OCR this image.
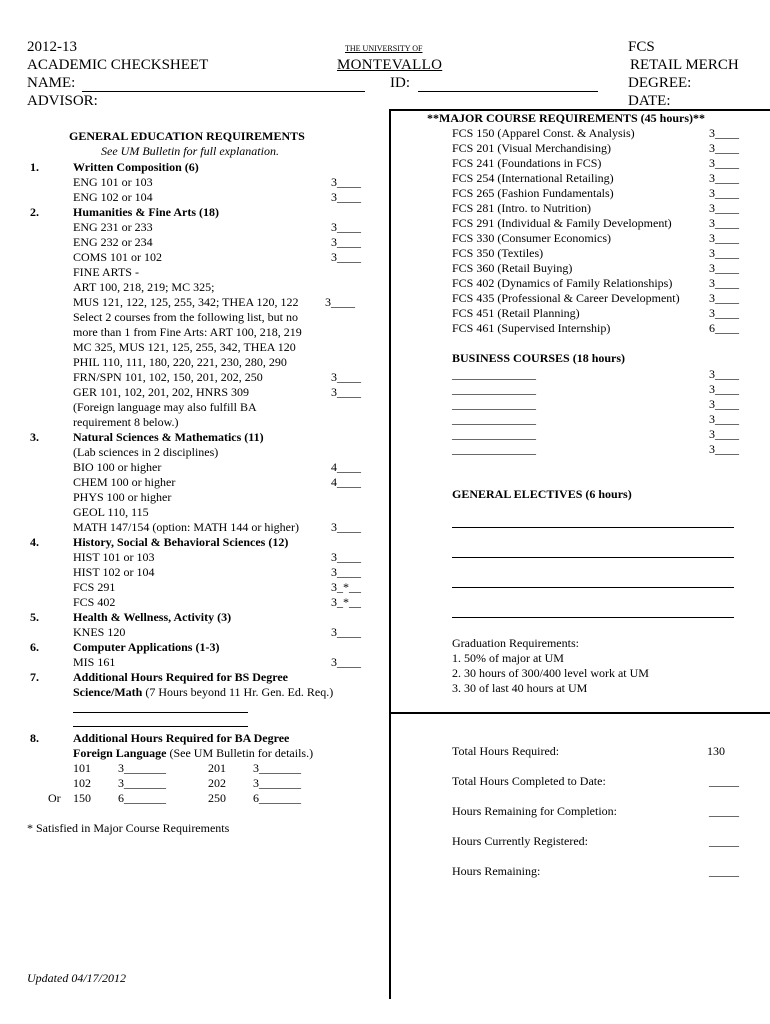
2012-13
ACADEMIC CHECKSHEET
NAME:
ADVISOR:
THE UNIVERSITY OF
MONTEVALLO
ID:
FCS
RETAIL MERCH
DEGREE:
DATE:
GENERAL EDUCATION REQUIREMENTS
See UM Bulletin for full explanation.
1.	Written Composition (6)
ENG 101 or 103	3____
ENG 102 or 104	3____
2.	Humanities & Fine Arts (18)
ENG 231 or 233	3____
ENG 232 or 234	3____
COMS 101 or 102	3____
FINE ARTS -
ART 100, 218, 219; MC 325;
MUS 121, 122, 125, 255, 342; THEA 120, 122 3____
Select 2 courses from the following list, but no
more than 1 from Fine Arts: ART 100, 218, 219
MC 325, MUS 121, 125, 255, 342, THEA 120
PHIL 110, 111, 180, 220, 221, 230, 280, 290
FRN/SPN 101, 102, 150, 201, 202, 250	3____
GER 101, 102, 201, 202, HNRS 309	3____
(Foreign language may also fulfill BA
requirement 8 below.)
3.	Natural Sciences & Mathematics (11)
(Lab sciences in 2 disciplines)
BIO 100 or higher	4____
CHEM 100 or higher	4____
PHYS 100 or higher
GEOL 110, 115
MATH 147/154 (option: MATH 144 or higher)	3____
4.	History, Social & Behavioral Sciences (12)
HIST 101 or 103	3____
HIST 102 or 104	3____
FCS 291	3_*__
FCS 402	3_*__
5.	Health & Wellness, Activity (3)
KNES 120	3____
6.	Computer Applications (1-3)
MIS 161	3____
7.	Additional Hours Required for BS Degree
Science/Math (7 Hours beyond 11 Hr. Gen. Ed. Req.)
8.	Additional Hours Required for BA Degree
Foreign Language (See UM Bulletin for details.)
101 3_______	201 3_______
102 3_______	202 3_______
Or 150 6_______	250 6_______
* Satisfied in Major Course Requirements
Updated 04/17/2012
**MAJOR COURSE REQUIREMENTS (45 hours)**
FCS 150 (Apparel Const. & Analysis)	3____
FCS 201 (Visual Merchandising)	3____
FCS 241 (Foundations in FCS)	3____
FCS 254 (International Retailing)	3____
FCS 265 (Fashion Fundamentals)	3____
FCS 281 (Intro. to Nutrition)	3____
FCS 291 (Individual & Family Development)	3____
FCS 330 (Consumer Economics)	3____
FCS 350 (Textiles)	3____
FCS 360 (Retail Buying)	3____
FCS 402 (Dynamics of Family Relationships)	3____
FCS 435 (Professional & Career Development) 3____
FCS 451 (Retail Planning)	3____
FCS 461 (Supervised Internship)	6____
BUSINESS COURSES (18 hours)
______________	3____
______________	3____
______________	3____
______________	3____
______________	3____
______________	3____
GENERAL ELECTIVES (6 hours)
Graduation Requirements:
1. 50% of major at UM
2. 30 hours of 300/400 level work at UM
3. 30 of last 40 hours at UM
Total Hours Required:	130
Total Hours Completed to Date:	_____
Hours Remaining for Completion:	_____
Hours Currently Registered:	_____
Hours Remaining:	_____
